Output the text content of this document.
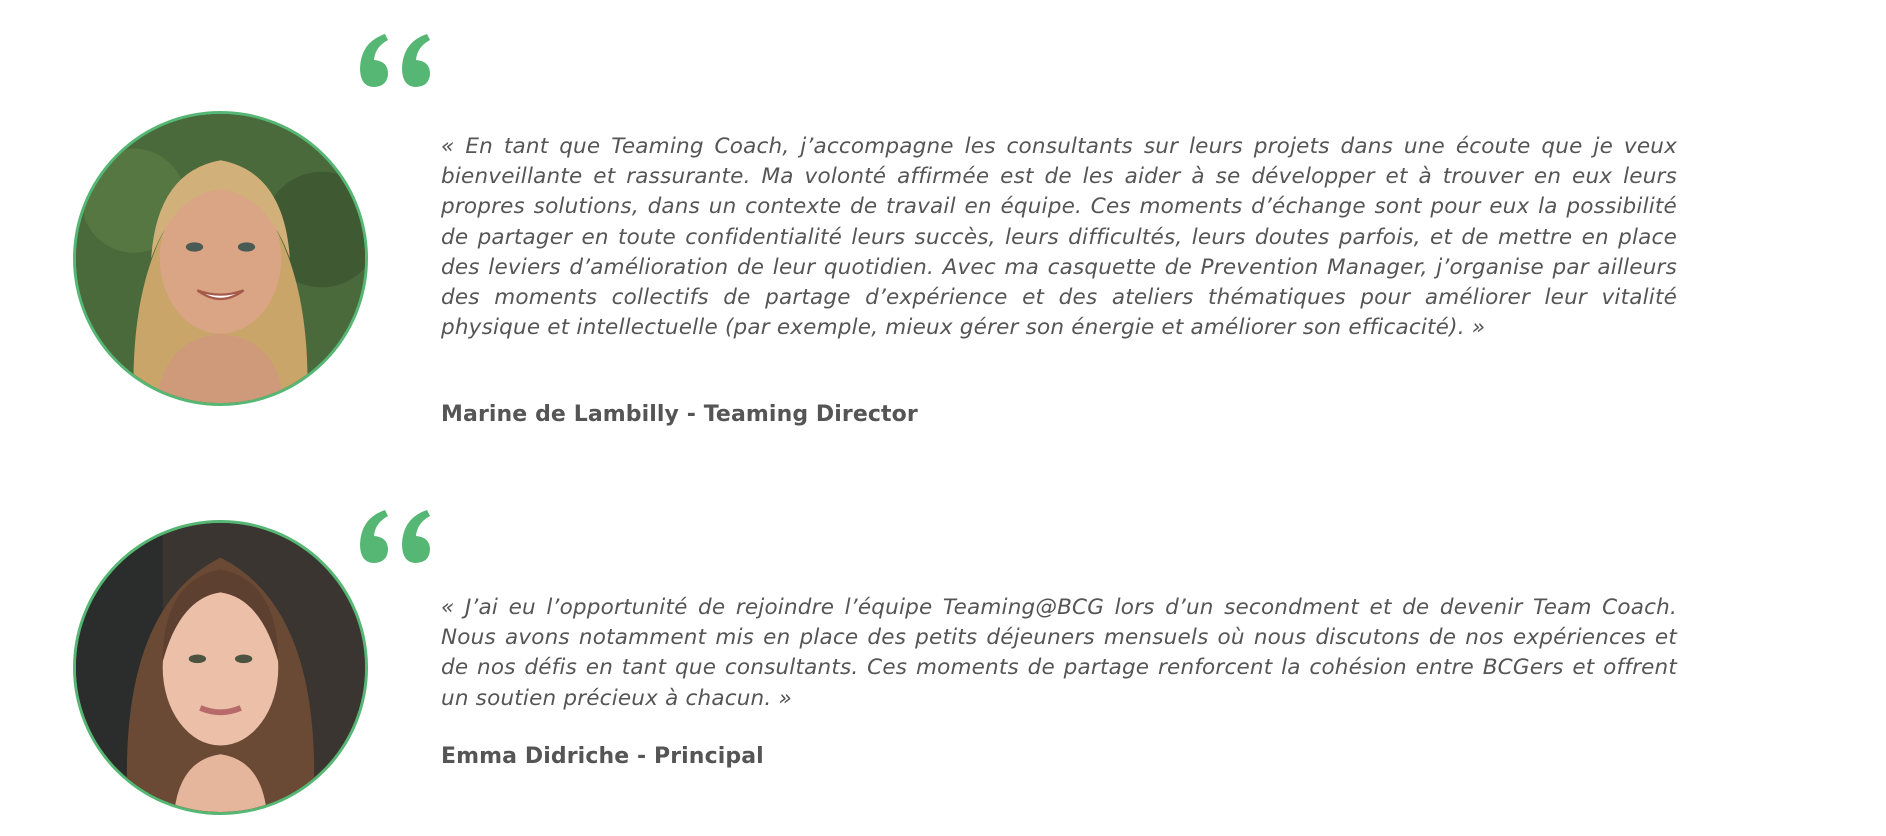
« En tant que Teaming Coach, j’accompagne les consultants sur leurs projets dans une écoute que je veux bienveillante et rassurante. Ma volonté affirmée est de les aider à se développer et à trouver en eux leurs propres solutions, dans un contexte de travail en équipe. Ces moments d’échange sont pour eux la possibilité de partager en toute confidentialité leurs succès, leurs difficultés, leurs doutes parfois, et de mettre en place des leviers d’amélioration de leur quotidien. Avec ma casquette de Prevention Manager, j’organise par ailleurs des moments collectifs de partage d’expérience et des ateliers thématiques pour améliorer leur vitalité physique et intellectuelle (par exemple, mieux gérer son énergie et améliorer son efficacité). »

Marine de Lambilly - Teaming Director

« J’ai eu l’opportunité de rejoindre l’équipe Teaming@BCG lors d’un secondment et de devenir Team Coach. Nous avons notamment mis en place des petits déjeuners mensuels où nous discutons de nos expériences et de nos défis en tant que consultants. Ces moments de partage renforcent la cohésion entre BCGers et offrent un soutien précieux à chacun. »

Emma Didriche - Principal
